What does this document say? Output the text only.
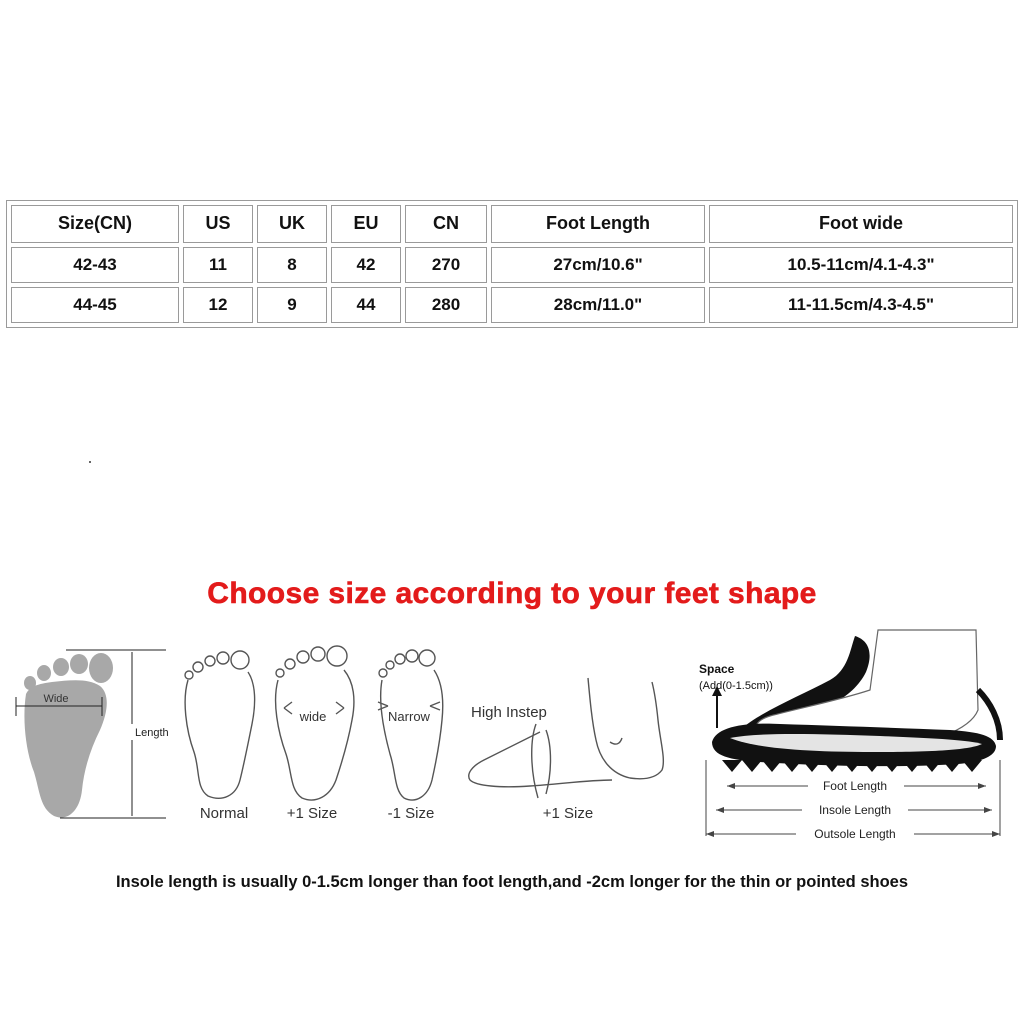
Size(CN)	US	UK	EU	CN	Foot Length	Foot wide
42-43	11	8	42	270	27cm/10.6"	10.5-11cm/4.1-4.3"
44-45	12	9	44	280	28cm/11.0"	11-11.5cm/4.3-4.5"
Choose size according to your feet shape
Wide
Length
Normal
wide
+1 Size
Narrow
-1 Size
High Instep
+1 Size
Space
(Add(0-1.5cm))
Foot Length
Insole Length
Outsole Length
Insole length is usually 0-1.5cm longer than foot length,and -2cm longer for the thin or pointed shoes
